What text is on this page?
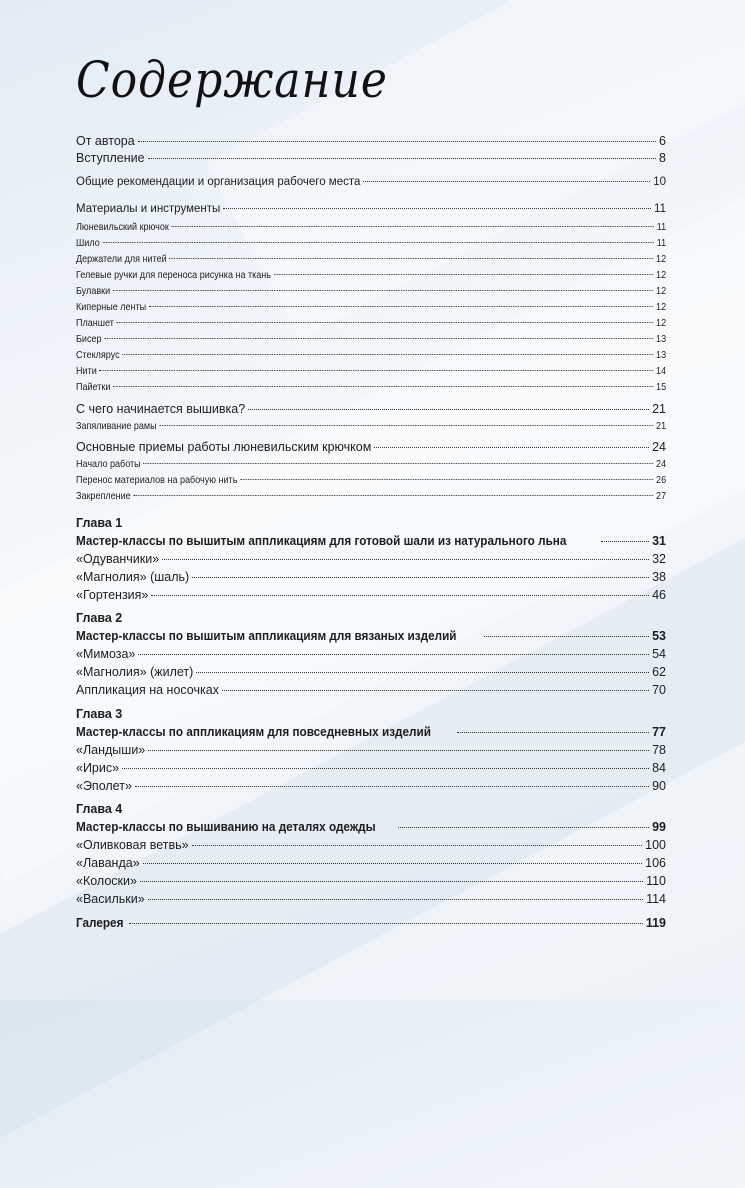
Содержание
От автора	6
Вступление	8
Общие рекомендации и организация рабочего места	10
Материалы и инструменты	11
Люневильский крючок	11
Шило	11
Держатели для нитей	12
Гелевые ручки для переноса рисунка на ткань	12
Булавки	12
Киперные ленты	12
Планшет	12
Бисер	13
Стеклярус	13
Нити	14
Пайетки	15
С чего начинается вышивка?	21
Запяливание рамы	21
Основные приемы работы люневильским крючком	24
Начало работы	24
Перенос материалов на рабочую нить	26
Закрепление	27
Глава 1
Мастер-классы по вышитым аппликациям для готовой шали из натурального льна	31
«Одуванчики»	32
«Магнолия» (шаль)	38
«Гортензия»	46
Глава 2
Мастер-классы по вышитым аппликациям для вязаных изделий	53
«Мимоза»	54
«Магнолия» (жилет)	62
Аппликация на носочках	70
Глава 3
Мастер-классы по аппликациям для повседневных изделий	77
«Ландыши»	78
«Ирис»	84
«Эполет»	90
Глава 4
Мастер-классы по вышиванию на деталях одежды	99
«Оливковая ветвь»	100
«Лаванда»	106
«Колоски»	110
«Васильки»	114
Галерея	119
